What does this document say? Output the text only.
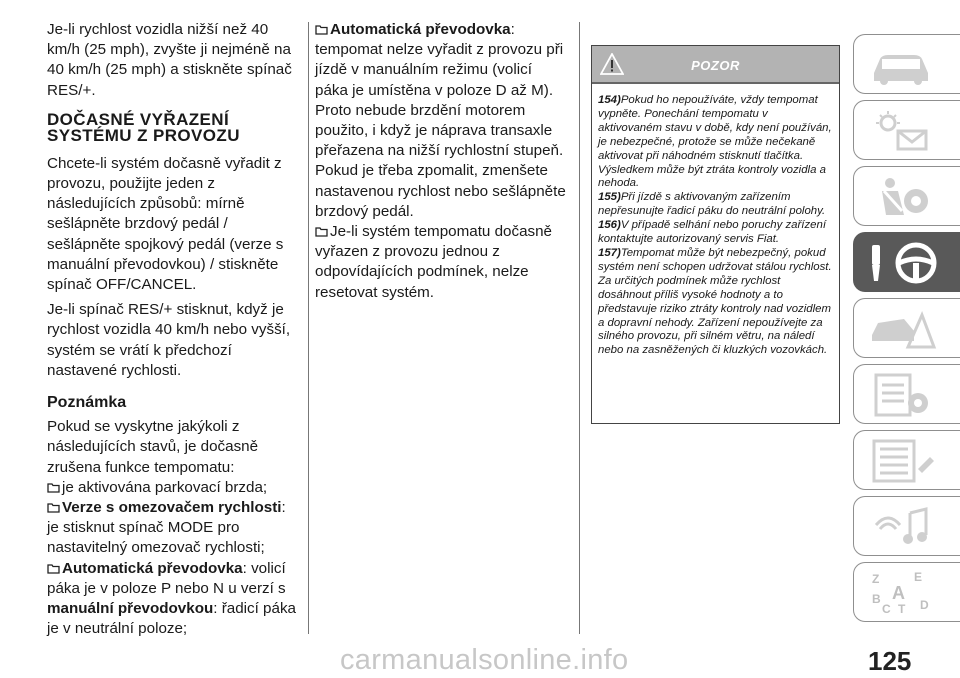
Je-li rychlost vozidla nižší než 40 km/h (25 mph), zvyšte ji nejméně na 40 km/h (25 mph) a stiskněte spínač RES/+.

DOČASNÉ VYŘAZENÍ SYSTÉMU Z PROVOZU

Chcete-li systém dočasně vyřadit z provozu, použijte jeden z následujících způsobů: mírně sešlápněte brzdový pedál / sešlápněte spojkový pedál (verze s manuální převodovkou) / stiskněte spínač OFF/CANCEL.

Je-li spínač RES/+ stisknut, když je rychlost vozidla 40 km/h nebo vyšší, systém se vrátí k předchozí nastavené rychlosti.

Poznámka

Pokud se vyskytne jakýkoli z následujících stavů, je dočasně zrušena funkce tempomatu:

je aktivována parkovací brzda;

Verze s omezovačem rychlosti: je stisknut spínač MODE pro nastavitelný omezovač rychlosti;

Automatická převodovka: volicí páka je v poloze P nebo N u verzí s manuální převodovkou: řadicí páka je v neutrální poloze;

Automatická převodovka: tempomat nelze vyřadit z provozu při jízdě v manuálním režimu (volicí páka je umístěna v poloze D až M). Proto nebude brzdění motorem použito, i když je náprava transaxle přeřazena na nižší rychlostní stupeň. Pokud je třeba zpomalit, zmenšete nastavenou rychlost nebo sešlápněte brzdový pedál.

Je-li systém tempomatu dočasně vyřazen z provozu jednou z odpovídajících podmínek, nelze resetovat systém.

POZOR

154)Pokud ho nepoužíváte, vždy tempomat vypněte. Ponechání tempomatu v aktivovaném stavu v době, kdy není používán, je nebezpečné, protože se může nečekaně aktivovat při náhodném stisknutí tlačítka. Výsledkem může být ztráta kontroly vozidla a nehoda.

155)Při jízdě s aktivovaným zařízením nepřesunujte řadicí páku do neutrální polohy.

156)V případě selhání nebo poruchy zařízení kontaktujte autorizovaný servis Fiat.

157)Tempomat může být nebezpečný, pokud systém není schopen udržovat stálou rychlost. Za určitých podmínek může rychlost dosáhnout příliš vysoké hodnoty a to představuje riziko ztráty kontroly nad vozidlem a dopravní nehody. Zařízení nepoužívejte za silného provozu, při silném větru, na náledí nebo na zasněžených či kluzkých vozovkách.

Z	E
B A
C T D
carmanualsonline.info	125
